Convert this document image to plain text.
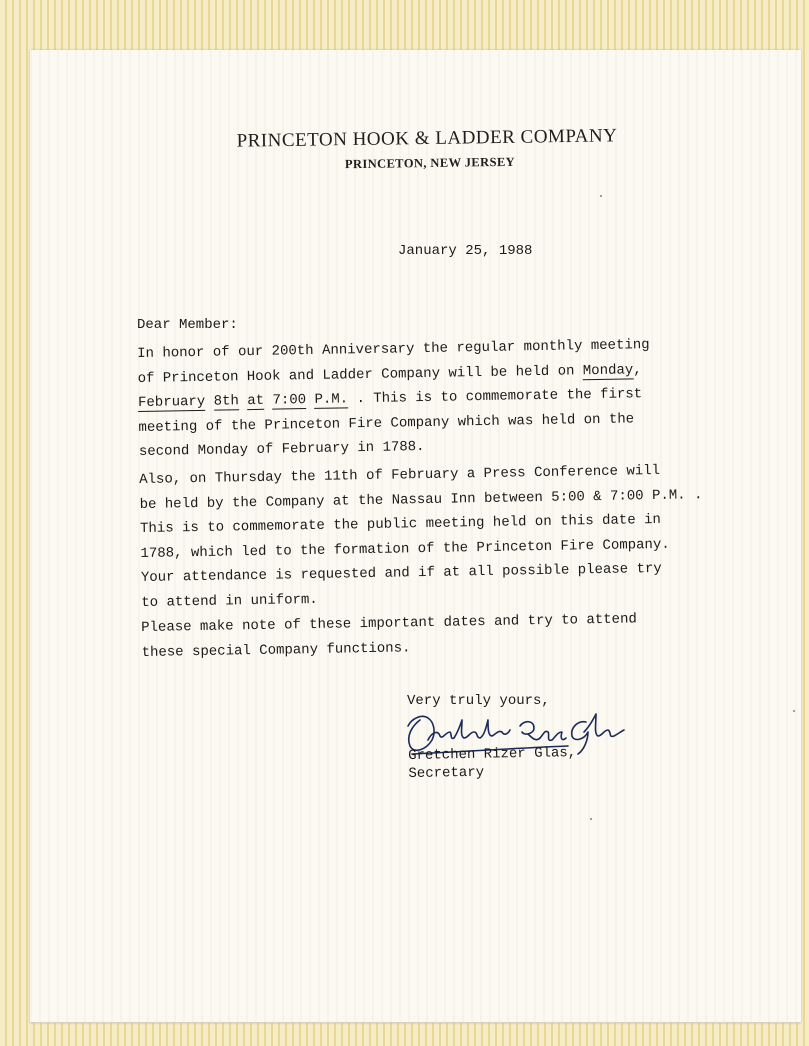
PRINCETON HOOK & LADDER COMPANY
PRINCETON, NEW JERSEY
January 25, 1988
Dear Member:
In honor of our 200th Anniversary the regular monthly meeting
of Princeton Hook and Ladder Company will be held on Monday,
February 8th at 7:00 P.M. . This is to commemorate the first
meeting of the Princeton Fire Company which was held on the
second Monday of February in 1788.
Also, on Thursday the 11th of February a Press Conference will
be held by the Company at the Nassau Inn between 5:00 & 7:00 P.M. .
This is to commemorate the public meeting held on this date in
1788, which led to the formation of the Princeton Fire Company.
Your attendance is requested and if at all possible please try
to attend in uniform.
Please make note of these important dates and try to attend
these special Company functions.
Very truly yours,
Gretchen Rizer Glas,
Secretary
